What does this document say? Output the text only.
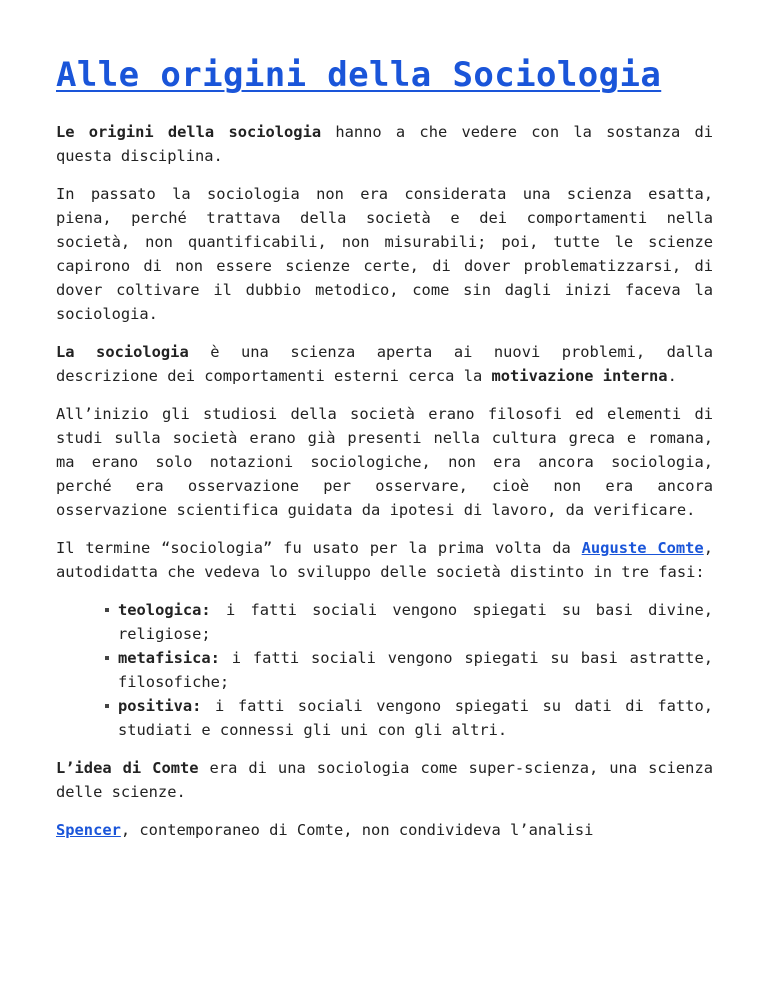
Alle origini della Sociologia

Le origini della sociologia hanno a che vedere con la sostanza di questa disciplina.

In passato la sociologia non era considerata una scienza esatta, piena, perché trattava della società e dei comportamenti nella società, non quantificabili, non misurabili; poi, tutte le scienze capirono di non essere scienze certe, di dover problematizzarsi, di dover coltivare il dubbio metodico, come sin dagli inizi faceva la sociologia.

La sociologia è una scienza aperta ai nuovi problemi, dalla descrizione dei comportamenti esterni cerca la motivazione interna.

All’inizio gli studiosi della società erano filosofi ed elementi di studi sulla società erano già presenti nella cultura greca e romana, ma erano solo notazioni sociologiche, non era ancora sociologia, perché era osservazione per osservare, cioè non era ancora osservazione scientifica guidata da ipotesi di lavoro, da verificare.

Il termine “sociologia” fu usato per la prima volta da Auguste Comte, autodidatta che vedeva lo sviluppo delle società distinto in tre fasi:

teologica: i fatti sociali vengono spiegati su basi divine, religiose;
metafisica: i fatti sociali vengono spiegati su basi astratte, filosofiche;
positiva: i fatti sociali vengono spiegati su dati di fatto, studiati e connessi gli uni con gli altri.

L’idea di Comte era di una sociologia come super-scienza, una scienza delle scienze.

Spencer, contemporaneo di Comte, non condivideva l’analisi
